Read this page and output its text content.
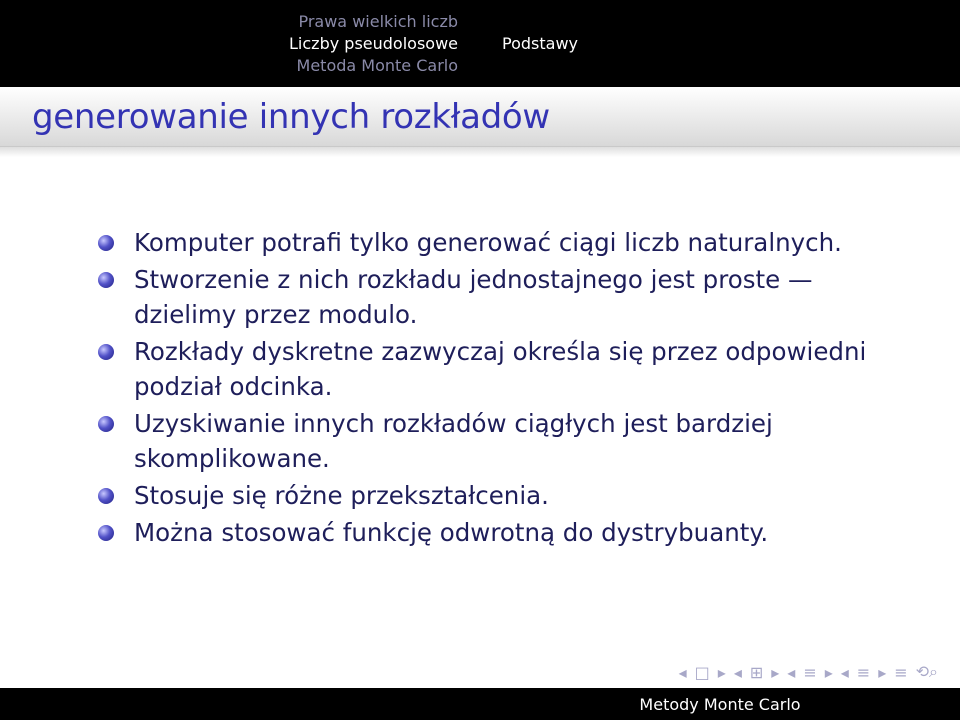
Prawa wielkich liczb
Liczby pseudolosowe
Metoda Monte Carlo
Podstawy
generowanie innych rozkładów
Komputer potrafi tylko generować ciągi liczb naturalnych.
Stworzenie z nich rozkładu jednostajnego jest proste — dzielimy przez modulo.
Rozkłady dyskretne zazwyczaj określa się przez odpowiedni podział odcinka.
Uzyskiwanie innych rozkładów ciągłych jest bardziej skomplikowane.
Stosuje się różne przekształcenia.
Można stosować funkcję odwrotną do dystrybuanty.
◂ □ ▸ ◂ ⊞ ▸ ◂ ≡ ▸ ◂ ≡ ▸ ≡ ⟲⌕
Metody Monte Carlo
